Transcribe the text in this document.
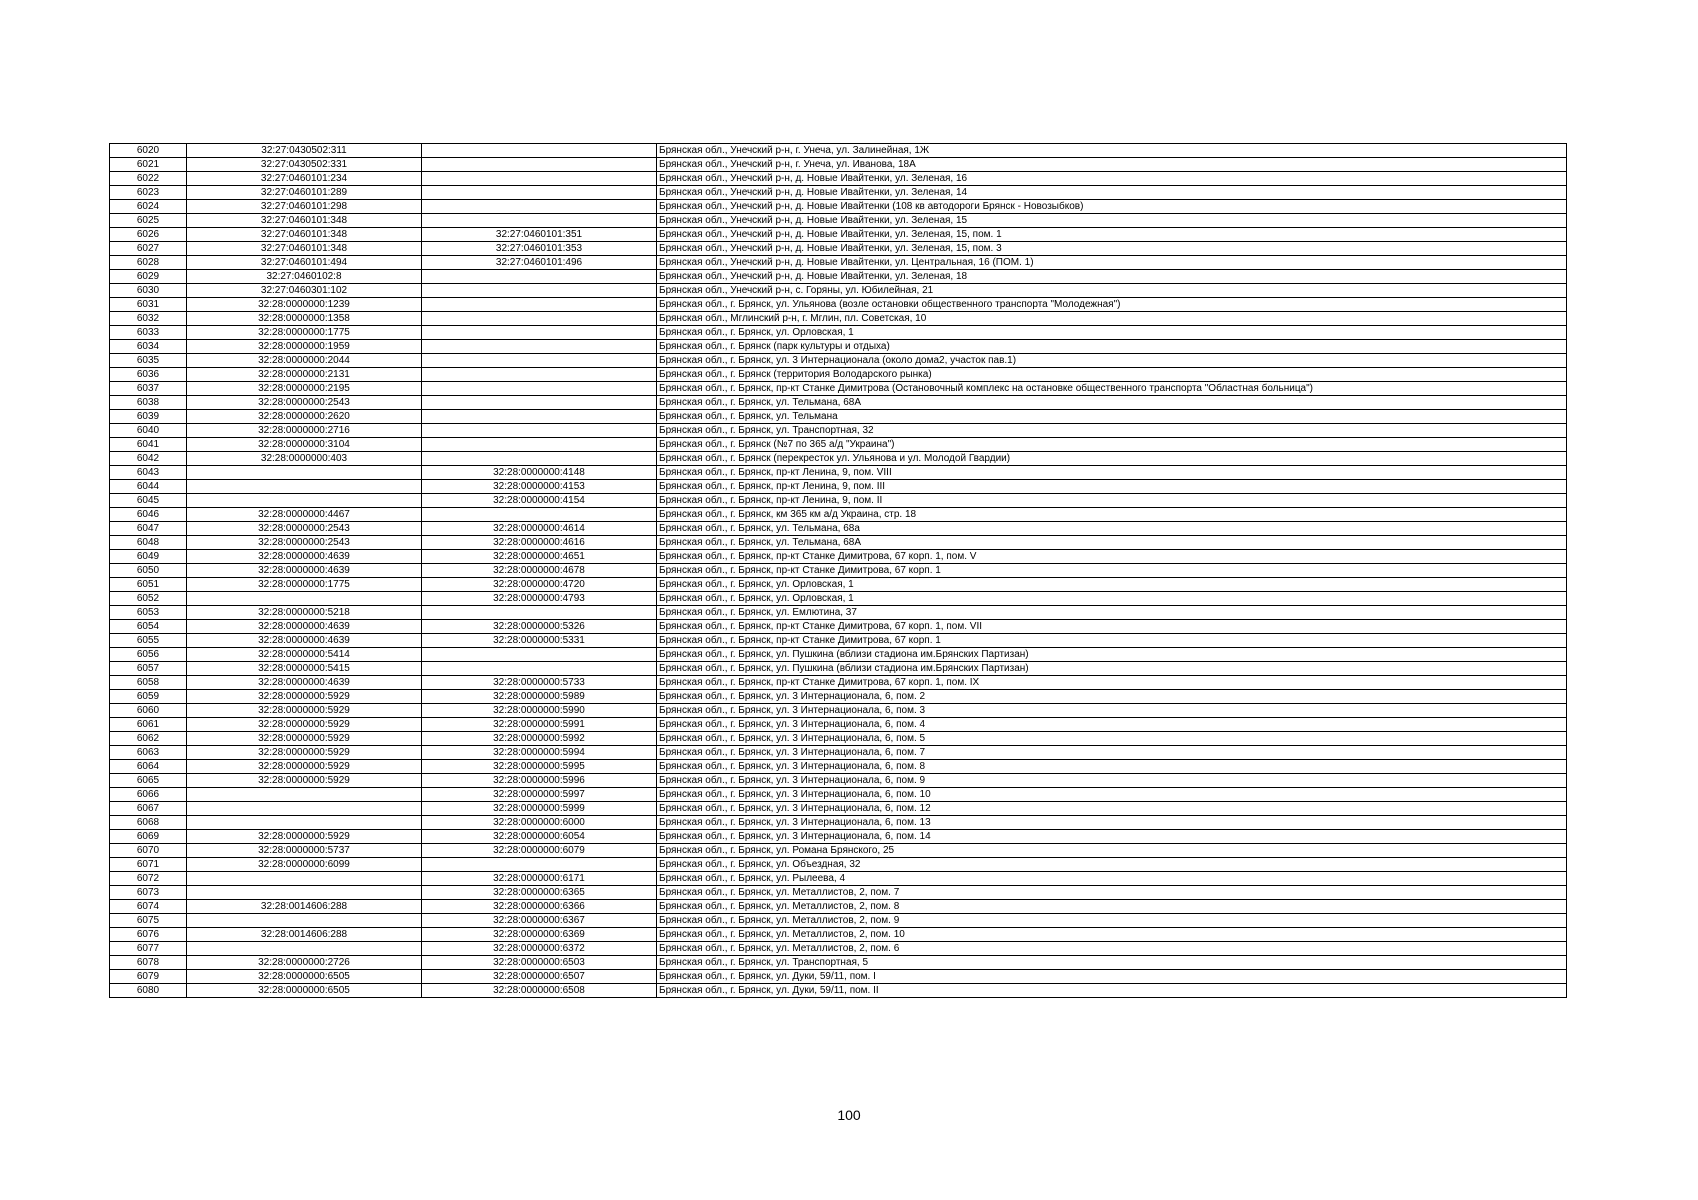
6020	32:27:0430502:311		Брянская обл., Унечский р-н, г. Унеча, ул. Залинейная, 1Ж
6021	32:27:0430502:331		Брянская обл., Унечский р-н, г. Унеча, ул. Иванова, 18А
6022	32:27:0460101:234		Брянская обл., Унечский р-н, д. Новые Ивайтенки, ул. Зеленая, 16
6023	32:27:0460101:289		Брянская обл., Унечский р-н, д. Новые Ивайтенки, ул. Зеленая, 14
6024	32:27:0460101:298		Брянская обл., Унечский р-н, д. Новые Ивайтенки (108 кв автодороги Брянск - Новозыбков)
6025	32:27:0460101:348		Брянская обл., Унечский р-н, д. Новые Ивайтенки, ул. Зеленая, 15
6026	32:27:0460101:348	32:27:0460101:351	Брянская обл., Унечский р-н, д. Новые Ивайтенки, ул. Зеленая, 15, пом. 1
6027	32:27:0460101:348	32:27:0460101:353	Брянская обл., Унечский р-н, д. Новые Ивайтенки, ул. Зеленая, 15, пом. 3
6028	32:27:0460101:494	32:27:0460101:496	Брянская обл., Унечский р-н, д. Новые Ивайтенки, ул. Центральная, 16 (ПОМ. 1)
6029	32:27:0460102:8		Брянская обл., Унечский р-н, д. Новые Ивайтенки, ул. Зеленая, 18
6030	32:27:0460301:102		Брянская обл., Унечский р-н, с. Горяны, ул. Юбилейная, 21
6031	32:28:0000000:1239		Брянская обл., г. Брянск, ул. Ульянова (возле остановки общественного транспорта "Молодежная")
6032	32:28:0000000:1358		Брянская обл., Мглинский р-н, г. Мглин, пл. Советская, 10
6033	32:28:0000000:1775		Брянская обл., г. Брянск, ул. Орловская, 1
6034	32:28:0000000:1959		Брянская обл., г. Брянск (парк культуры и отдыха)
6035	32:28:0000000:2044		Брянская обл., г. Брянск, ул. 3 Интернационала (около дома2, участок пав.1)
6036	32:28:0000000:2131		Брянская обл., г. Брянск (территория Володарского рынка)
6037	32:28:0000000:2195		Брянская обл., г. Брянск, пр-кт Станке Димитрова (Остановочный комплекс на остановке общественного транспорта "Областная больница")
6038	32:28:0000000:2543		Брянская обл., г. Брянск, ул. Тельмана, 68А
6039	32:28:0000000:2620		Брянская обл., г. Брянск, ул. Тельмана
6040	32:28:0000000:2716		Брянская обл., г. Брянск, ул. Транспортная, 32
6041	32:28:0000000:3104		Брянская обл., г. Брянск (№7 по 365 а/д "Украина")
6042	32:28:0000000:403		Брянская обл., г. Брянск (перекресток ул. Ульянова и ул. Молодой Гвардии)
6043		32:28:0000000:4148	Брянская обл., г. Брянск, пр-кт Ленина, 9, пом. VIII
6044		32:28:0000000:4153	Брянская обл., г. Брянск, пр-кт Ленина, 9, пом. III
6045		32:28:0000000:4154	Брянская обл., г. Брянск, пр-кт Ленина, 9, пом. II
6046	32:28:0000000:4467		Брянская обл., г. Брянск, км 365 км а/д Украина, стр. 18
6047	32:28:0000000:2543	32:28:0000000:4614	Брянская обл., г. Брянск, ул. Тельмана, 68а
6048	32:28:0000000:2543	32:28:0000000:4616	Брянская обл., г. Брянск, ул. Тельмана, 68А
6049	32:28:0000000:4639	32:28:0000000:4651	Брянская обл., г. Брянск, пр-кт Станке Димитрова, 67 корп. 1, пом. V
6050	32:28:0000000:4639	32:28:0000000:4678	Брянская обл., г. Брянск, пр-кт Станке Димитрова, 67 корп. 1
6051	32:28:0000000:1775	32:28:0000000:4720	Брянская обл., г. Брянск, ул. Орловская, 1
6052		32:28:0000000:4793	Брянская обл., г. Брянск, ул. Орловская, 1
6053	32:28:0000000:5218		Брянская обл., г. Брянск, ул. Емлютина, 37
6054	32:28:0000000:4639	32:28:0000000:5326	Брянская обл., г. Брянск, пр-кт Станке Димитрова, 67 корп. 1, пом. VII
6055	32:28:0000000:4639	32:28:0000000:5331	Брянская обл., г. Брянск, пр-кт Станке Димитрова, 67 корп. 1
6056	32:28:0000000:5414		Брянская обл., г. Брянск, ул. Пушкина (вблизи стадиона им.Брянских Партизан)
6057	32:28:0000000:5415		Брянская обл., г. Брянск, ул. Пушкина (вблизи стадиона им.Брянских Партизан)
6058	32:28:0000000:4639	32:28:0000000:5733	Брянская обл., г. Брянск, пр-кт Станке Димитрова, 67 корп. 1, пом. IX
6059	32:28:0000000:5929	32:28:0000000:5989	Брянская обл., г. Брянск, ул. 3 Интернационала, 6, пом. 2
6060	32:28:0000000:5929	32:28:0000000:5990	Брянская обл., г. Брянск, ул. 3 Интернационала, 6, пом. 3
6061	32:28:0000000:5929	32:28:0000000:5991	Брянская обл., г. Брянск, ул. 3 Интернационала, 6, пом. 4
6062	32:28:0000000:5929	32:28:0000000:5992	Брянская обл., г. Брянск, ул. 3 Интернационала, 6, пом. 5
6063	32:28:0000000:5929	32:28:0000000:5994	Брянская обл., г. Брянск, ул. 3 Интернационала, 6, пом. 7
6064	32:28:0000000:5929	32:28:0000000:5995	Брянская обл., г. Брянск, ул. 3 Интернационала, 6, пом. 8
6065	32:28:0000000:5929	32:28:0000000:5996	Брянская обл., г. Брянск, ул. 3 Интернационала, 6, пом. 9
6066		32:28:0000000:5997	Брянская обл., г. Брянск, ул. 3 Интернационала, 6, пом. 10
6067		32:28:0000000:5999	Брянская обл., г. Брянск, ул. 3 Интернационала, 6, пом. 12
6068		32:28:0000000:6000	Брянская обл., г. Брянск, ул. 3 Интернационала, 6, пом. 13
6069	32:28:0000000:5929	32:28:0000000:6054	Брянская обл., г. Брянск, ул. 3 Интернационала, 6, пом. 14
6070	32:28:0000000:5737	32:28:0000000:6079	Брянская обл., г. Брянск, ул. Романа Брянского, 25
6071	32:28:0000000:6099		Брянская обл., г. Брянск, ул. Объездная, 32
6072		32:28:0000000:6171	Брянская обл., г. Брянск, ул. Рылеева, 4
6073		32:28:0000000:6365	Брянская обл., г. Брянск, ул. Металлистов, 2, пом. 7
6074	32:28:0014606:288	32:28:0000000:6366	Брянская обл., г. Брянск, ул. Металлистов, 2, пом. 8
6075		32:28:0000000:6367	Брянская обл., г. Брянск, ул. Металлистов, 2, пом. 9
6076	32:28:0014606:288	32:28:0000000:6369	Брянская обл., г. Брянск, ул. Металлистов, 2, пом. 10
6077		32:28:0000000:6372	Брянская обл., г. Брянск, ул. Металлистов, 2, пом. 6
6078	32:28:0000000:2726	32:28:0000000:6503	Брянская обл., г. Брянск, ул. Транспортная, 5
6079	32:28:0000000:6505	32:28:0000000:6507	Брянская обл., г. Брянск, ул. Дуки, 59/11, пом. I
6080	32:28:0000000:6505	32:28:0000000:6508	Брянская обл., г. Брянск, ул. Дуки, 59/11, пом. II
100
